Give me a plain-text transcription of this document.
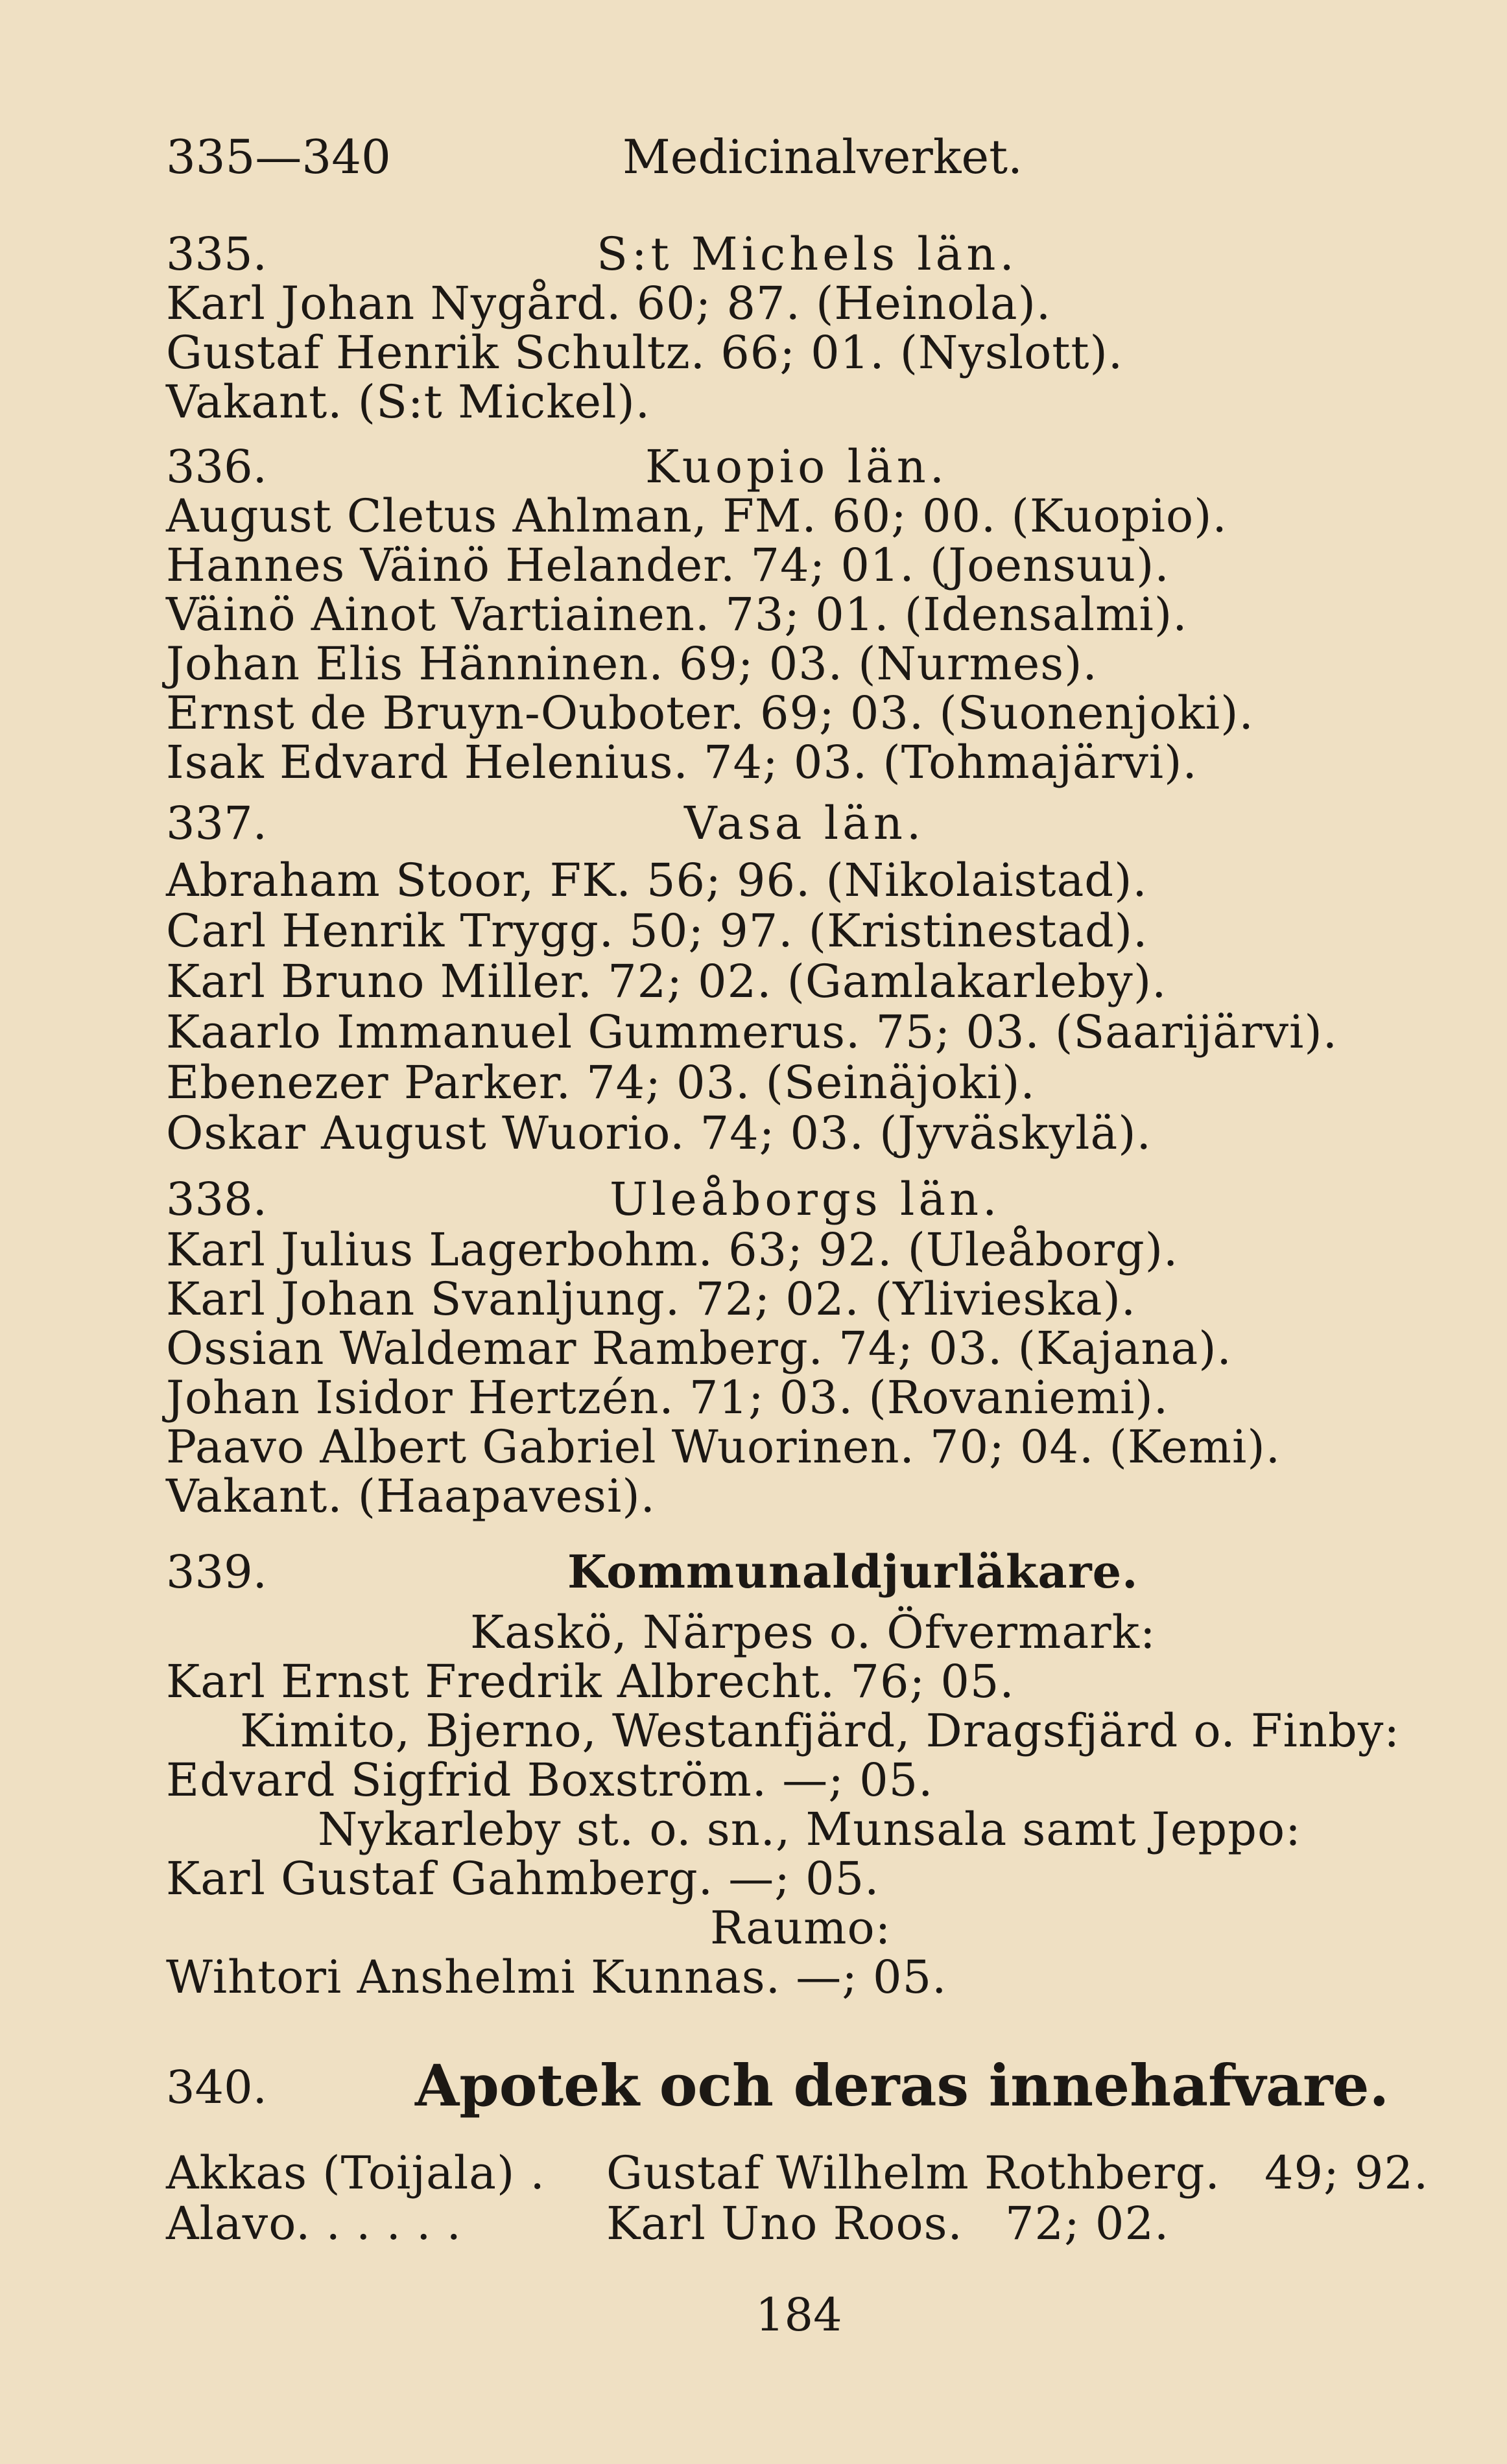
335—340	Medicinalverket.
335.	S:t Michels län.
Karl Johan Nygård. 60; 87. (Heinola).
Gustaf Henrik Schultz. 66; 01. (Nyslott).
Vakant. (S:t Mickel).
336.	Kuopio län.
August Cletus Ahlman, FM. 60; 00. (Kuopio).
Hannes Väinö Helander. 74; 01. (Joensuu).
Väinö Ainot Vartiainen. 73; 01. (Idensalmi).
Johan Elis Hänninen. 69; 03. (Nurmes).
Ernst de Bruyn-Ouboter. 69; 03. (Suonenjoki).
Isak Edvard Helenius. 74; 03. (Tohmajärvi).
337.	Vasa län.
Abraham Stoor, FK. 56; 96. (Nikolaistad).
Carl Henrik Trygg. 50; 97. (Kristinestad).
Karl Bruno Miller. 72; 02. (Gamlakarleby).
Kaarlo Immanuel Gummerus. 75; 03. (Saarijärvi).
Ebenezer Parker. 74; 03. (Seinäjoki).
Oskar August Wuorio. 74; 03. (Jyväskylä).
338.	Uleåborgs län.
Karl Julius Lagerbohm. 63; 92. (Uleåborg).
Karl Johan Svanljung. 72; 02. (Ylivieska).
Ossian Waldemar Ramberg. 74; 03. (Kajana).
Johan Isidor Hertzén. 71; 03. (Rovaniemi).
Paavo Albert Gabriel Wuorinen. 70; 04. (Kemi).
Vakant. (Haapavesi).
339.	Kommunaldjurläkare.
Kaskö, Närpes o. Öfvermark:
Karl Ernst Fredrik Albrecht. 76; 05.
Kimito, Bjerno, Westanfjärd, Dragsfjärd o. Finby:
Edvard Sigfrid Boxström. —; 05.
Nykarleby st. o. sn., Munsala samt Jeppo:
Karl Gustaf Gahmberg. —; 05.
Raumo:
Wihtori Anshelmi Kunnas. —; 05.
340.	Apotek och deras innehafvare.
Akkas (Toijala) . Gustaf Wilhelm Rothberg. 49; 92.
Alavo. . . . . .	Karl Uno Roos. 72; 02.
184
